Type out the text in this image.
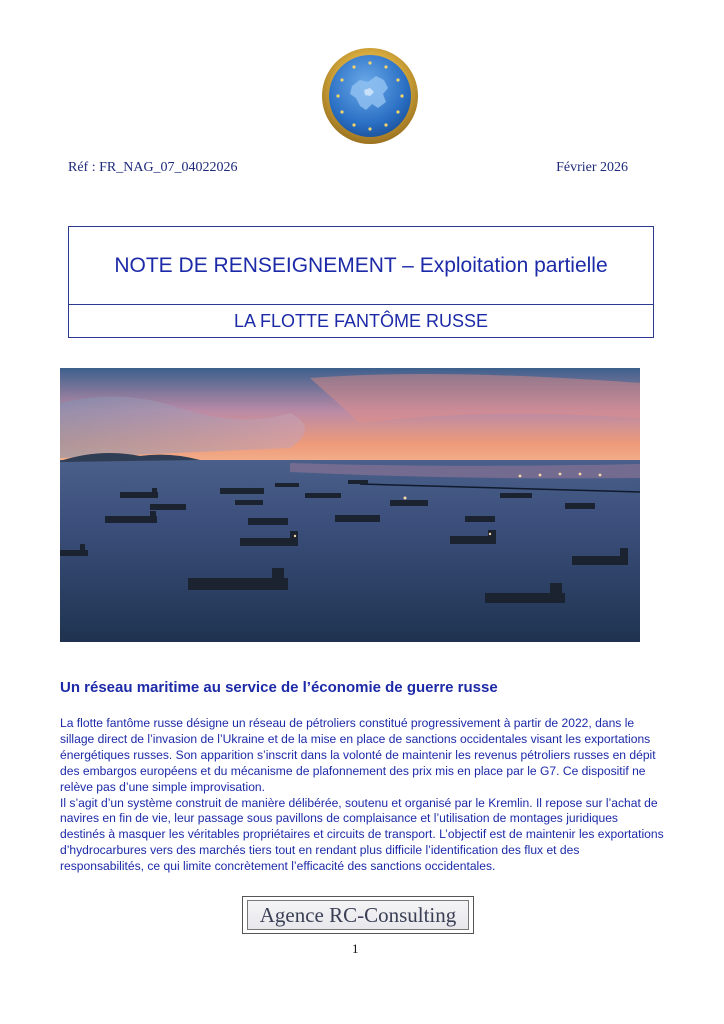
Réf : FR_NAG_07_04022026	Février 2026
NOTE DE RENSEIGNEMENT – Exploitation partielle
LA FLOTTE FANTÔME RUSSE
Un réseau maritime au service de l’économie de guerre russe

La flotte fantôme russe désigne un réseau de pétroliers constitué progressivement à partir de 2022, dans le sillage direct de l’invasion de l’Ukraine et de la mise en place de sanctions occidentales visant les exportations énergétiques russes. Son apparition s’inscrit dans la volonté de maintenir les revenus pétroliers russes en dépit des embargos européens et du mécanisme de plafonnement des prix mis en place par le G7. Ce dispositif ne relève pas d’une simple improvisation.

Il s’agit d’un système construit de manière délibérée, soutenu et organisé par le Kremlin. Il repose sur l’achat de navires en fin de vie, leur passage sous pavillons de complaisance et l’utilisation de montages juridiques destinés à masquer les véritables propriétaires et circuits de transport. L’objectif est de maintenir les exportations d’hydrocarbures vers des marchés tiers tout en rendant plus difficile l’identification des flux et des responsabilités, ce qui limite concrètement l’efficacité des sanctions occidentales.

Agence RC-Consulting
1
